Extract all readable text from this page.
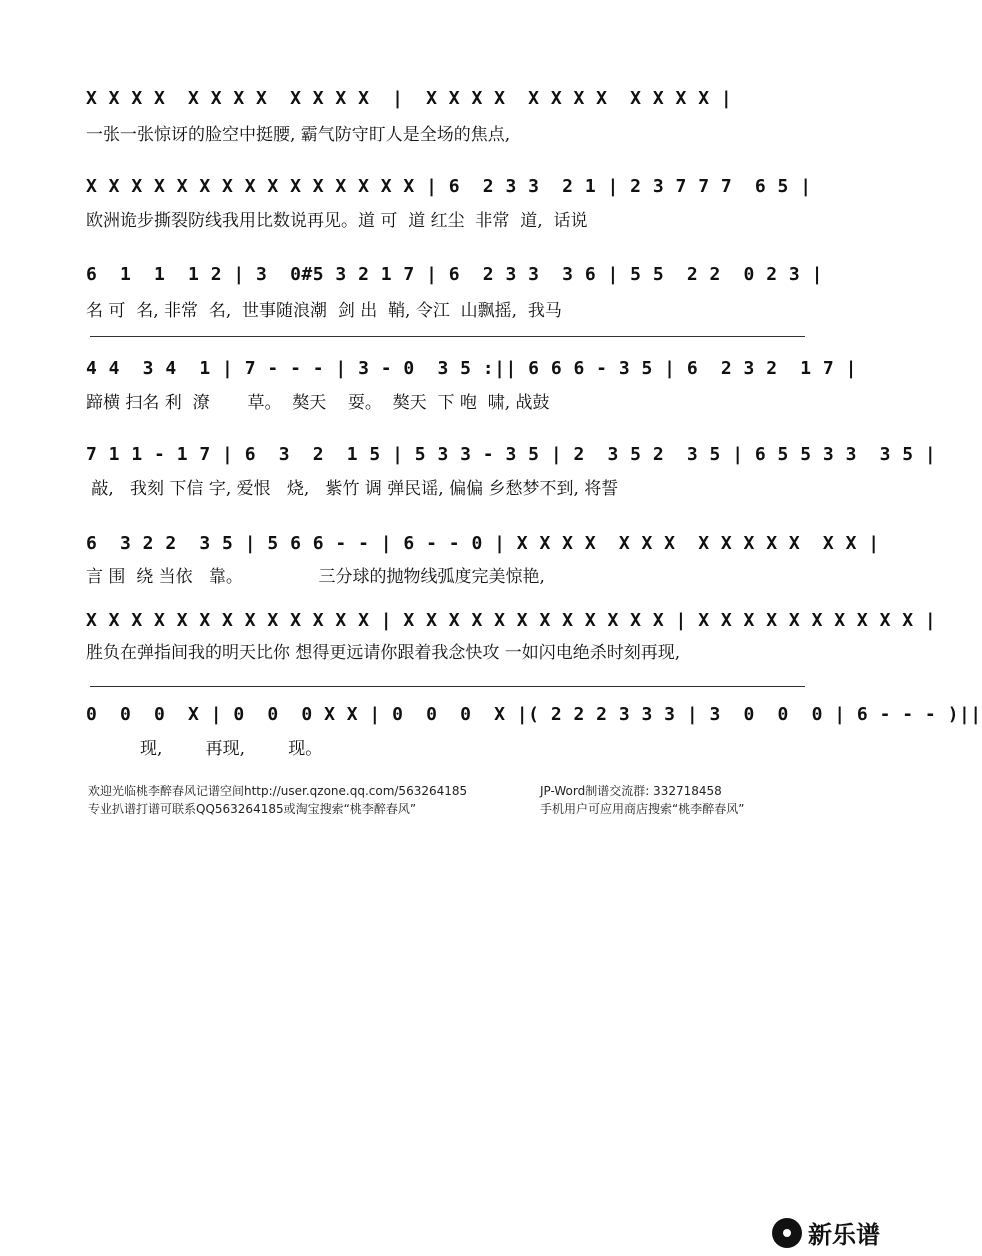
X X X X  X X X X  X X X X  |  X X X X  X X X X  X X X X |
一张一张惊讶的脸空中挺腰, 霸气防守盯人是全场的焦点,
X X X X X X X X X X X X X X X | 6  2 3 3  2 1 | 2 3 7 7 7  6 5 |
欧洲诡步撕裂防线我用比数说再见。道 可  道 红尘  非常  道,  话说
6  1  1  1 2 | 3  0#5 3 2 1 7 | 6  2 3 3  3 6 | 5 5  2 2  0 2 3 |
名 可  名, 非常  名,  世事随浪潮  剑 出  鞘, 令江  山飘摇,  我马
4 4  3 4  1 | 7 - - - | 3 - 0  3 5 :|| 6 6 6 - 3 5 | 6  2 3 2  1 7 |
蹄横 扫名 利  潦       草。  獒天    耍。  獒天  下 咆  啸, 战鼓
7 1 1 - 1 7 | 6  3  2  1 5 | 5 3 3 - 3 5 | 2  3 5 2  3 5 | 6 5 5 3 3  3 5 |
敲,   我刻 下信 字, 爱恨   烧,   紫竹 调 弹民谣, 偏偏 乡愁梦不到, 将誓
6  3 2 2  3 5 | 5 6 6 - - | 6 - - 0 | X X X X  X X X  X X X X X  X X |
言 围  绕 当依   靠。              三分球的抛物线弧度完美惊艳,
X X X X X X X X X X X X X | X X X X X X X X X X X X | X X X X X X X X X X |
胜负在弹指间我的明天比你 想得更远请你跟着我念快攻 一如闪电绝杀时刻再现,
0  0  0  X | 0  0  0 X X | 0  0  0  X |( 2 2 2 3 3 3 | 3  0  0  0 | 6 - - - )||
现,        再现,        现。
欢迎光临桃李醉春风记谱空间http://user.qzone.qq.com/563264185	JP-Word制谱交流群: 332718458
专业扒谱打谱可联系QQ563264185或淘宝搜索“桃李醉春风”	手机用户可应用商店搜索“桃李醉春风”
新乐谱
